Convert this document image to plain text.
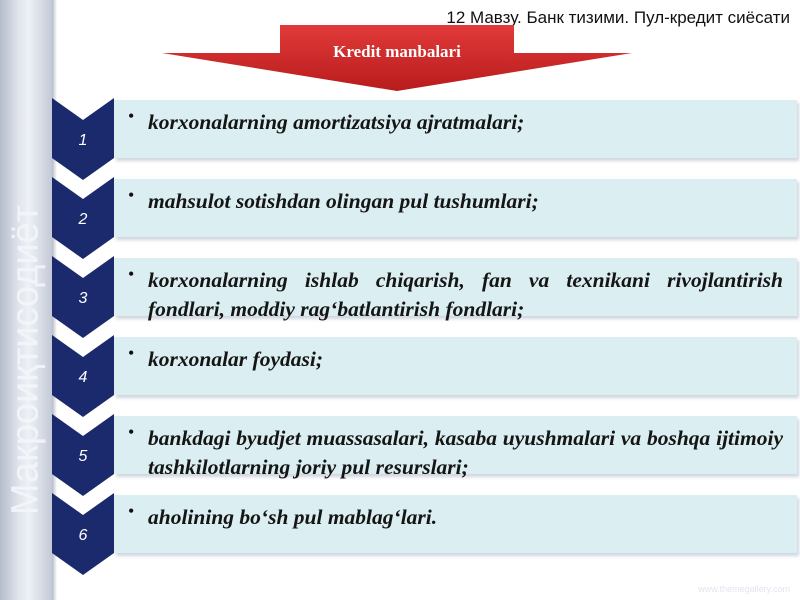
Макроиқтисодиёт
12 Мавзу. Банк тизими. Пул-кредит сиёсати
Kredit manbalari
1
• korxonalarning amortizatsiya ajratmalari;
2
• mahsulot sotishdan olingan pul tushumlari;
3
• korxonalarning ishlab chiqarish, fan va texnikani rivojlantirish fondlari, moddiy rag‘batlantirish fondlari;
4
• korxonalar foydasi;
5
• bankdagi byudjet muassasalari, kasaba uyushmalari va boshqa ijtimoiy tashkilotlarning joriy pul resurslari;
6
• aholining bo‘sh pul mablag‘lari.
www.themegallery.com
